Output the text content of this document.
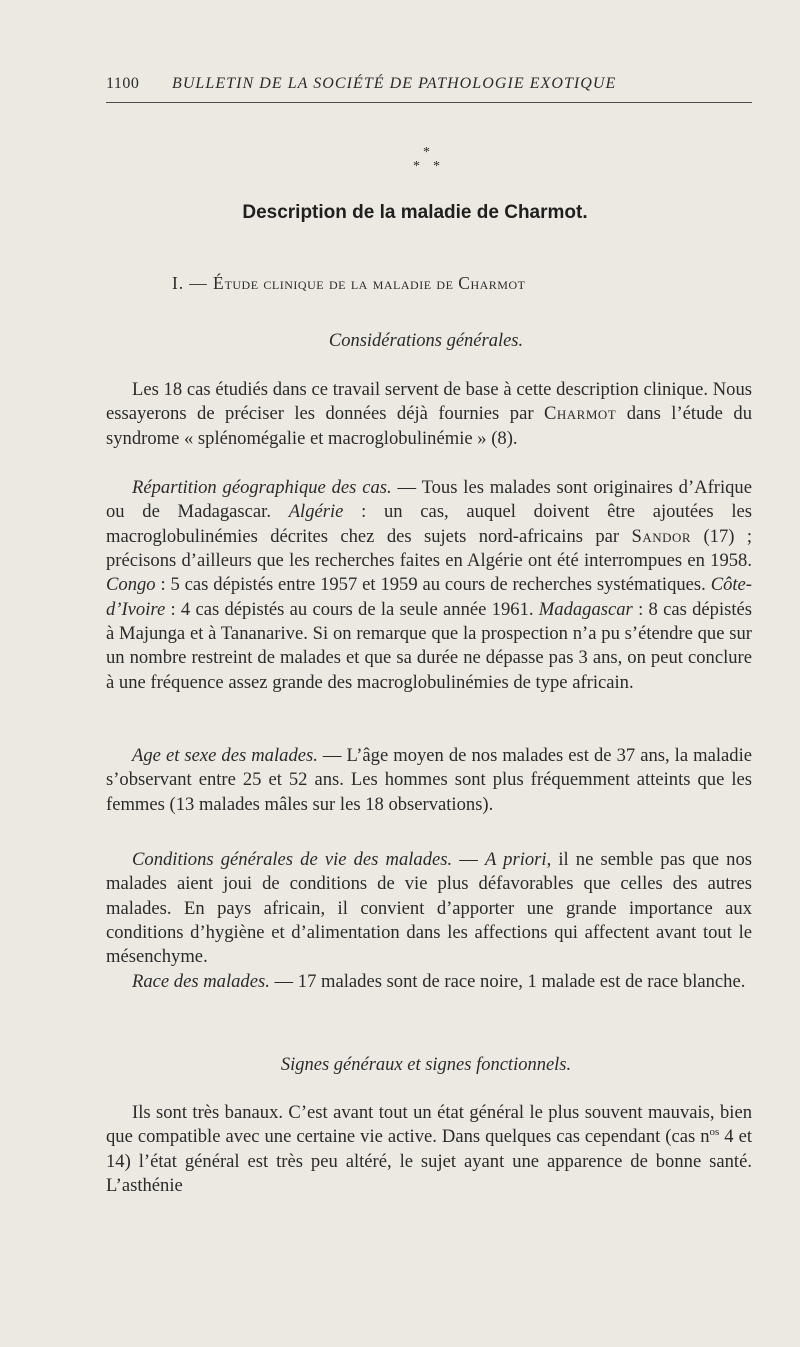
1100 BULLETIN DE LA SOCIÉTÉ DE PATHOLOGIE EXOTIQUE
*
* *
Description de la maladie de Charmot.
I. — Étude clinique de la maladie de Charmot
Considérations générales.

Les 18 cas étudiés dans ce travail servent de base à cette description clinique. Nous essayerons de préciser les données déjà fournies par Charmot dans l’étude du syndrome « splénomégalie et macroglobulinémie » (8).

Répartition géographique des cas. — Tous les malades sont originaires d’Afrique ou de Madagascar. Algérie : un cas, auquel doivent être ajoutées les macroglobulinémies décrites chez des sujets nord-africains par Sandor (17) ; précisons d’ailleurs que les recherches faites en Algérie ont été interrompues en 1958. Congo : 5 cas dépistés entre 1957 et 1959 au cours de recherches systématiques. Côte-d’Ivoire : 4 cas dépistés au cours de la seule année 1961. Madagascar : 8 cas dépistés à Majunga et à Tananarive. Si on remarque que la prospection n’a pu s’étendre que sur un nombre restreint de malades et que sa durée ne dépasse pas 3 ans, on peut conclure à une fréquence assez grande des macroglobulinémies de type africain.

Age et sexe des malades. — L’âge moyen de nos malades est de 37 ans, la maladie s’observant entre 25 et 52 ans. Les hommes sont plus fréquemment atteints que les femmes (13 malades mâles sur les 18 observations).

Conditions générales de vie des malades. — A priori, il ne semble pas que nos malades aient joui de conditions de vie plus défavorables que celles des autres malades. En pays africain, il convient d’apporter une grande importance aux conditions d’hygiène et d’alimentation dans les affections qui affectent avant tout le mésenchyme.

Race des malades. — 17 malades sont de race noire, 1 malade est de race blanche.

Signes généraux et signes fonctionnels.

Ils sont très banaux. C’est avant tout un état général le plus souvent mauvais, bien que compatible avec une certaine vie active. Dans quelques cas cependant (cas $n^{os}$ 4 et 14) l’état général est très peu altéré, le sujet ayant une apparence de bonne santé. L’asthénie
